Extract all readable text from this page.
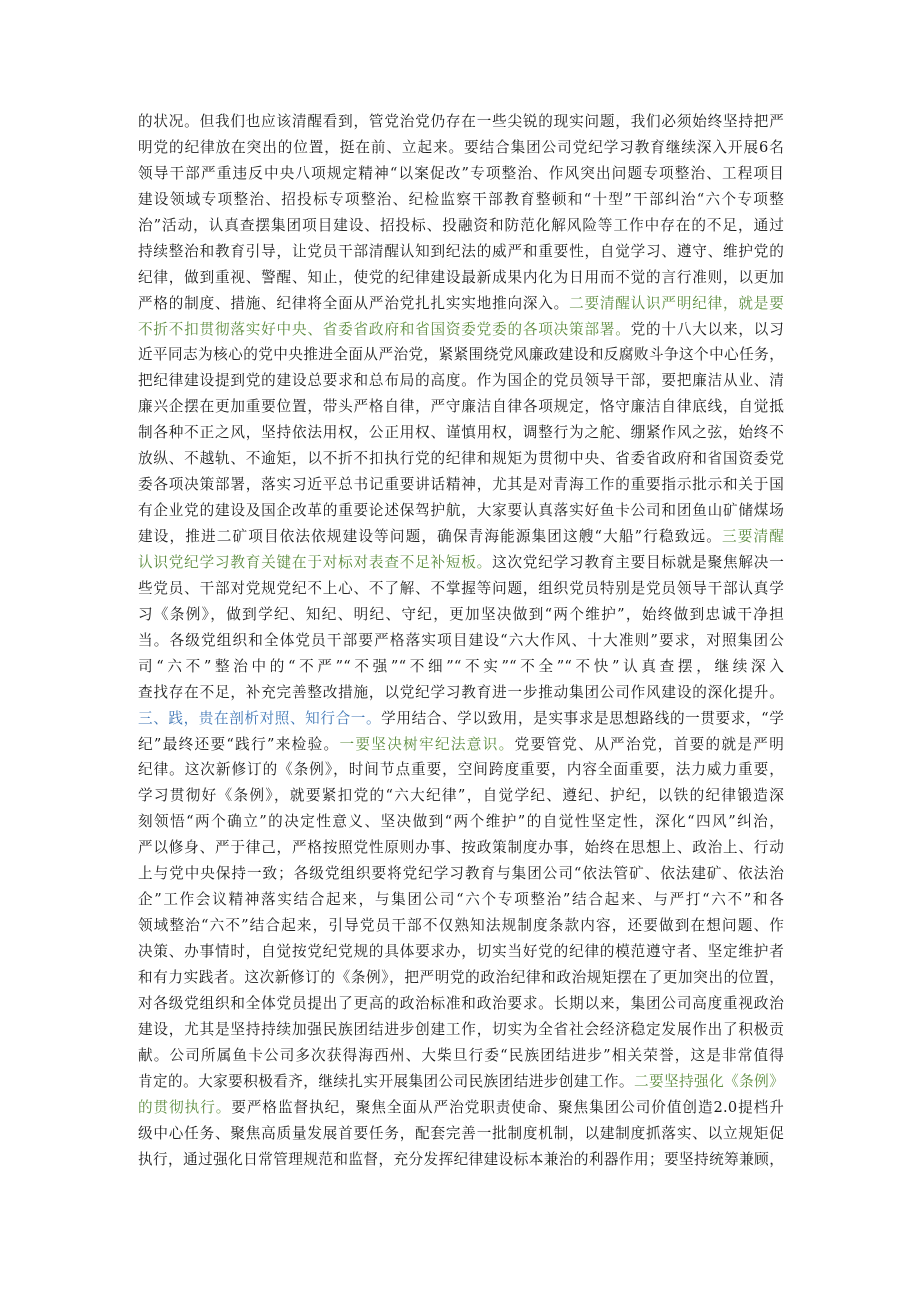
的状况。但我们也应该清醒看到，管党治党仍存在一些尖锐的现实问题，我们必须始终坚持把严
明党的纪律放在突出的位置，挺在前、立起来。要结合集团公司党纪学习教育继续深入开展6名
领导干部严重违反中央八项规定精神“以案促改”专项整治、作风突出问题专项整治、工程项目
建设领域专项整治、招投标专项整治、纪检监察干部教育整顿和“十型”干部纠治“六个专项整
治”活动，认真查摆集团项目建设、招投标、投融资和防范化解风险等工作中存在的不足，通过
持续整治和教育引导，让党员干部清醒认知到纪法的威严和重要性，自觉学习、遵守、维护党的
纪律，做到重视、警醒、知止，使党的纪律建设最新成果内化为日用而不觉的言行准则，以更加
严格的制度、措施、纪律将全面从严治党扎扎实实地推向深入。二要清醒认识严明纪律，就是要
不折不扣贯彻落实好中央、省委省政府和省国资委党委的各项决策部署。党的十八大以来，以习
近平同志为核心的党中央推进全面从严治党，紧紧围绕党风廉政建设和反腐败斗争这个中心任务，
把纪律建设提到党的建设总要求和总布局的高度。作为国企的党员领导干部，要把廉洁从业、清
廉兴企摆在更加重要位置，带头严格自律，严守廉洁自律各项规定，恪守廉洁自律底线，自觉抵
制各种不正之风，坚持依法用权，公正用权、谨慎用权，调整行为之舵、绷紧作风之弦，始终不
放纵、不越轨、不逾矩，以不折不扣执行党的纪律和规矩为贯彻中央、省委省政府和省国资委党
委各项决策部署，落实习近平总书记重要讲话精神，尤其是对青海工作的重要指示批示和关于国
有企业党的建设及国企改革的重要论述保驾护航，大家要认真落实好鱼卡公司和团鱼山矿储煤场
建设，推进二矿项目依法依规建设等问题，确保青海能源集团这艘“大船”行稳致远。三要清醒
认识党纪学习教育关键在于对标对表查不足补短板。这次党纪学习教育主要目标就是聚焦解决一
些党员、干部对党规党纪不上心、不了解、不掌握等问题，组织党员特别是党员领导干部认真学
习《条例》，做到学纪、知纪、明纪、守纪，更加坚决做到“两个维护”，始终做到忠诚干净担
当。各级党组织和全体党员干部要严格落实项目建设“六大作风、十大准则”要求，对照集团公
司“六不”整治中的“不严”“不强”“不细”“不实”“不全”“不快”认真查摆，继续深入
查找存在不足，补充完善整改措施，以党纪学习教育进一步推动集团公司作风建设的深化提升。
三、践，贵在剖析对照、知行合一。学用结合、学以致用，是实事求是思想路线的一贯要求，“学
纪”最终还要“践行”来检验。一要坚决树牢纪法意识。党要管党、从严治党，首要的就是严明
纪律。这次新修订的《条例》，时间节点重要，空间跨度重要，内容全面重要，法力威力重要，
学习贯彻好《条例》，就要紧扣党的“六大纪律”，自觉学纪、遵纪、护纪，以铁的纪律锻造深
刻领悟“两个确立”的决定性意义、坚决做到“两个维护”的自觉性坚定性，深化“四风”纠治，
严以修身、严于律己，严格按照党性原则办事、按政策制度办事，始终在思想上、政治上、行动
上与党中央保持一致；各级党组织要将党纪学习教育与集团公司“依法管矿、依法建矿、依法治
企”工作会议精神落实结合起来，与集团公司“六个专项整治”结合起来、与严打“六不”和各
领域整治“六不”结合起来，引导党员干部不仅熟知法规制度条款内容，还要做到在想问题、作
决策、办事情时，自觉按党纪党规的具体要求办，切实当好党的纪律的模范遵守者、坚定维护者
和有力实践者。这次新修订的《条例》，把严明党的政治纪律和政治规矩摆在了更加突出的位置，
对各级党组织和全体党员提出了更高的政治标准和政治要求。长期以来，集团公司高度重视政治
建设，尤其是坚持持续加强民族团结进步创建工作，切实为全省社会经济稳定发展作出了积极贡
献。公司所属鱼卡公司多次获得海西州、大柴旦行委“民族团结进步”相关荣誉，这是非常值得
肯定的。大家要积极看齐，继续扎实开展集团公司民族团结进步创建工作。二要坚持强化《条例》
的贯彻执行。要严格监督执纪，聚焦全面从严治党职责使命、聚焦集团公司价值创造2.0提档升
级中心任务、聚焦高质量发展首要任务，配套完善一批制度机制，以建制度抓落实、以立规矩促
执行，通过强化日常管理规范和监督，充分发挥纪律建设标本兼治的利器作用；要坚持统筹兼顾，
